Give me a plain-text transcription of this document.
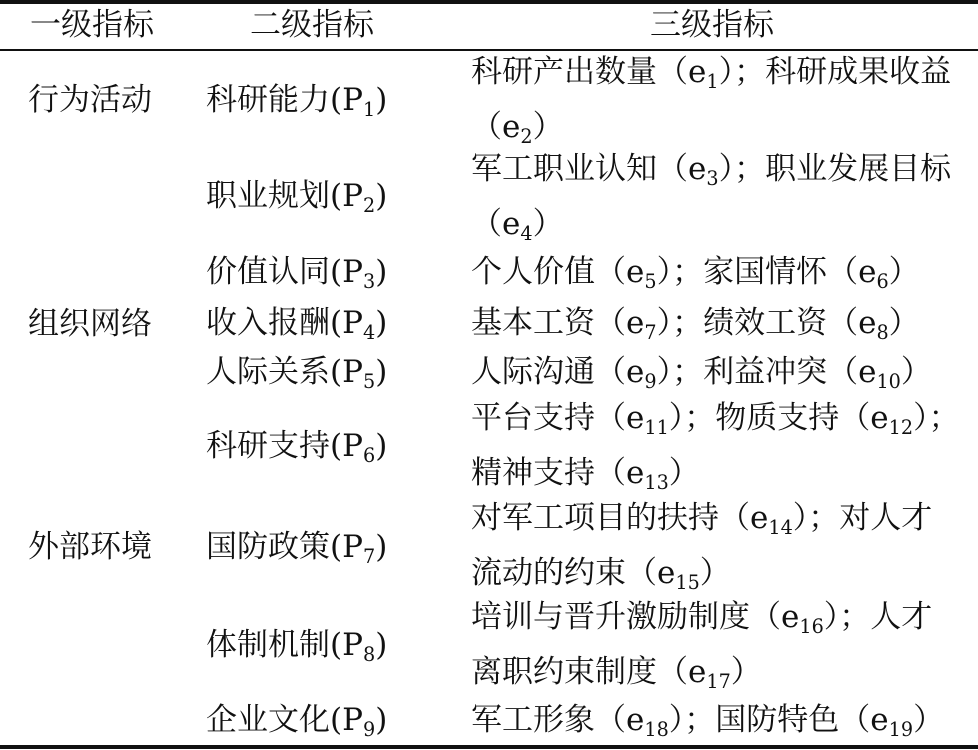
一级指标	二级指标	三级指标
行为活动
组织网络
外部环境
科研能力$(P_1)$
职业规划$(P_2)$
价值认同$(P_3)$
收入报酬$(P_4)$
人际关系$(P_5)$
科研支持$(P_6)$
国防政策$(P_7)$
体制机制$(P_8)$
企业文化$(P_9)$
科研产出数量$(e_1)$；科研成果收益
$(e_2)$
军工职业认知$(e_3)$；职业发展目标
$(e_4)$
个人价值$(e_5)$；家国情怀$(e_6)$
基本工资$(e_7)$；绩效工资$(e_8)$
人际沟通$(e_9)$；利益冲突$(e_{10})$
平台支持$(e_{11})$；物质支持$(e_{12})$；
精神支持$(e_{13})$
对军工项目的扶持$(e_{14})$；对人才
流动的约束$(e_{15})$
培训与晋升激励制度$(e_{16})$；人才
离职约束制度$(e_{17})$
军工形象$(e_{18})$；国防特色$(e_{19})$
